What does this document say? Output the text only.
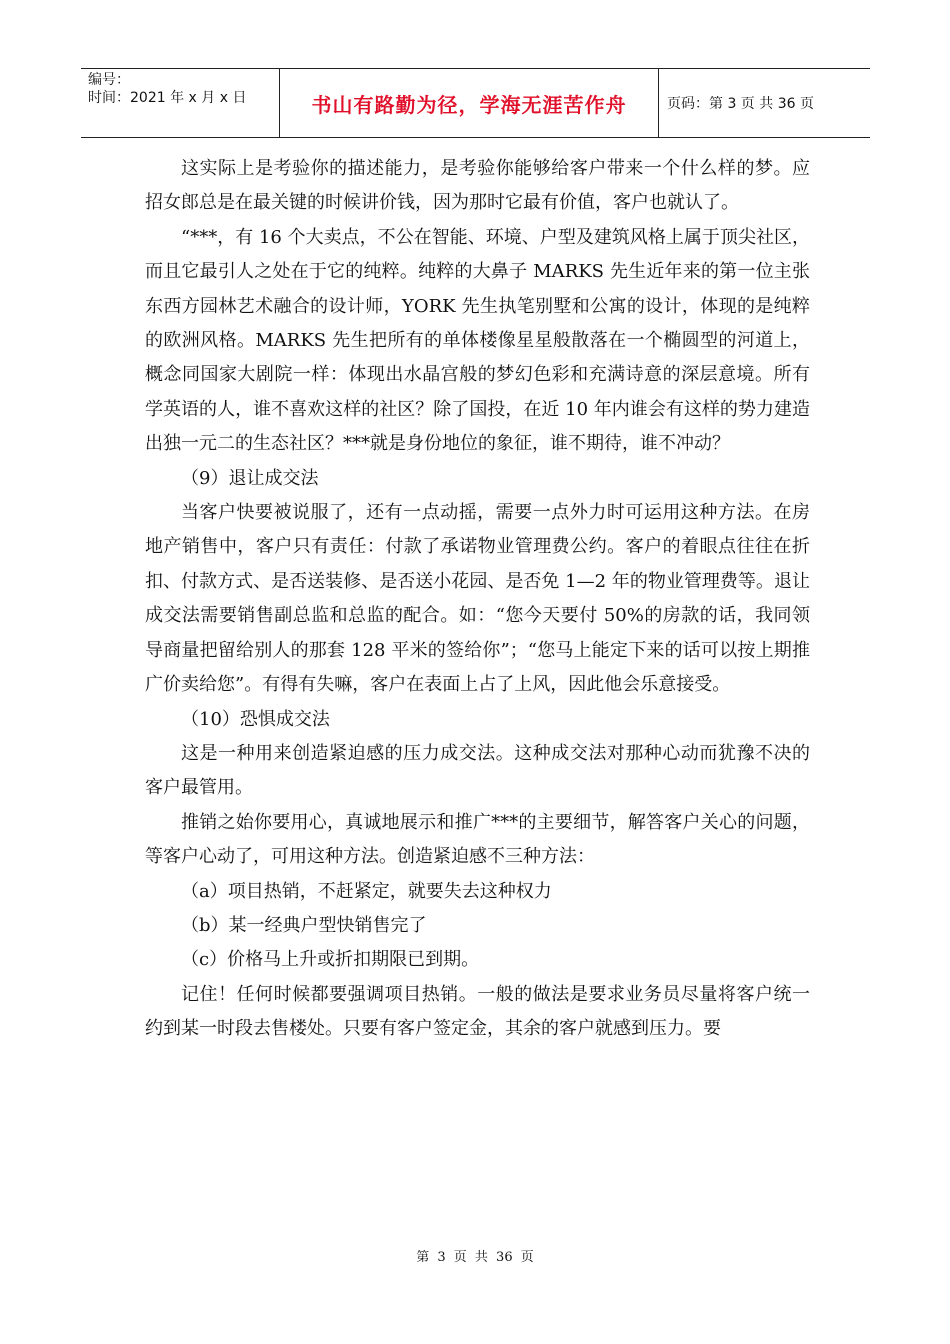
编号：
时间：2021 年 x 月 x 日	书山有路勤为径，学海无涯苦作舟	页码：第 3 页 共 36 页

这实际上是考验你的描述能力，是考验你能够给客户带来一个什么样的梦。应招女郎总是在最关键的时候讲价钱，因为那时它最有价值，客户也就认了。

“***，有 16 个大卖点，不公在智能、环境、户型及建筑风格上属于顶尖社区，而且它最引人之处在于它的纯粹。纯粹的大鼻子 MARKS 先生近年来的第一位主张东西方园林艺术融合的设计师，YORK 先生执笔别墅和公寓的设计，体现的是纯粹的欧洲风格。MARKS 先生把所有的单体楼像星星般散落在一个椭圆型的河道上，概念同国家大剧院一样：体现出水晶宫般的梦幻色彩和充满诗意的深层意境。所有学英语的人，谁不喜欢这样的社区？除了国投，在近 10 年内谁会有这样的势力建造出独一元二的生态社区？***就是身份地位的象征，谁不期待，谁不冲动？

（9）退让成交法

当客户快要被说服了，还有一点动摇，需要一点外力时可运用这种方法。在房地产销售中，客户只有责任：付款了承诺物业管理费公约。客户的着眼点往往在折扣、付款方式、是否送装修、是否送小花园、是否免 1—2 年的物业管理费等。退让成交法需要销售副总监和总监的配合。如：“您今天要付 50%的房款的话，我同领导商量把留给别人的那套 128 平米的签给你”；“您马上能定下来的话可以按上期推广价卖给您”。有得有失嘛，客户在表面上占了上风，因此他会乐意接受。

（10）恐惧成交法

这是一种用来创造紧迫感的压力成交法。这种成交法对那种心动而犹豫不决的客户最管用。

推销之始你要用心，真诚地展示和推广***的主要细节，解答客户关心的问题，等客户心动了，可用这种方法。创造紧迫感不三种方法：

（a）项目热销，不赶紧定，就要失去这种权力

（b）某一经典户型快销售完了

（c）价格马上升或折扣期限已到期。

记住！任何时候都要强调项目热销。一般的做法是要求业务员尽量将客户统一约到某一时段去售楼处。只要有客户签定金，其余的客户就感到压力。要

第 3 页 共 36 页
